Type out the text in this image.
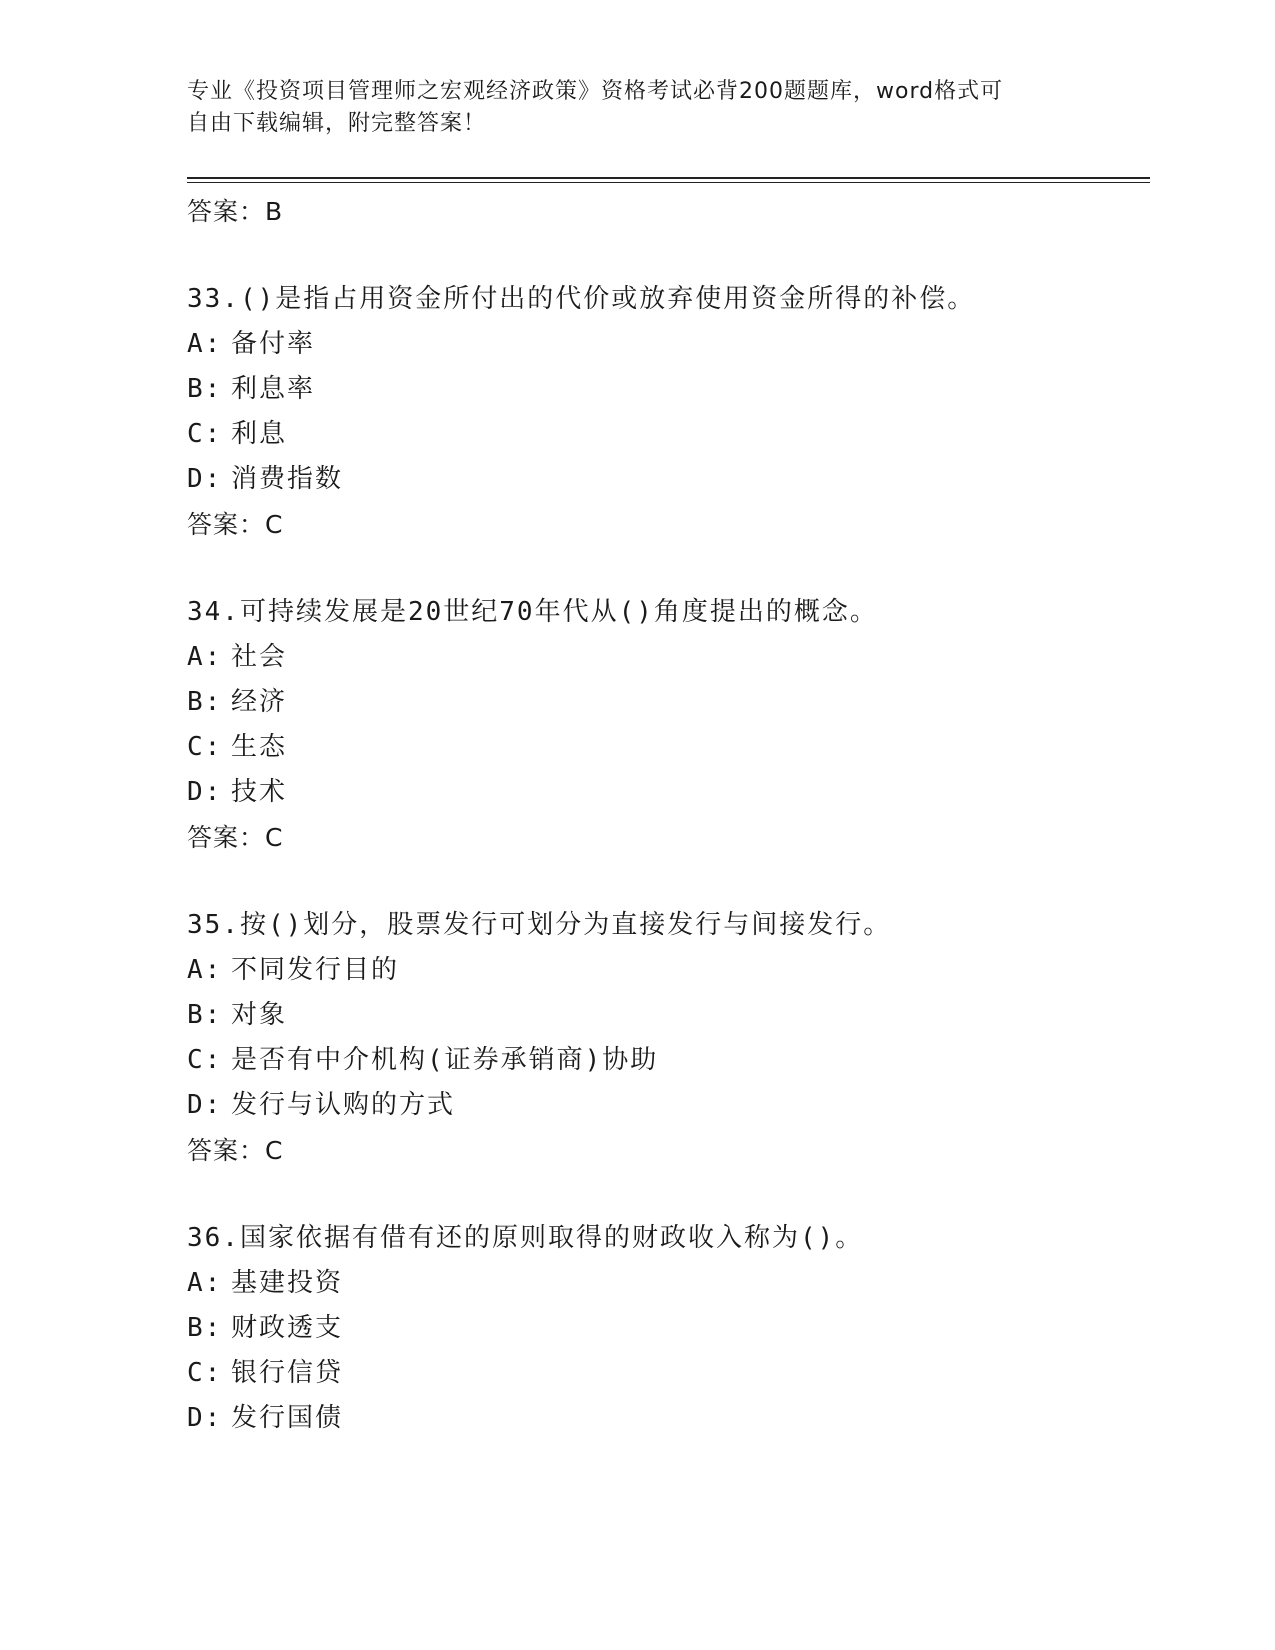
专业《投资项目管理师之宏观经济政策》资格考试必背200题题库，word格式可
自由下载编辑，附完整答案！
答案：B
33.()是指占用资金所付出的代价或放弃使用资金所得的补偿。
A: 备付率
B: 利息率
C: 利息
D: 消费指数
答案：C
34.可持续发展是20世纪70年代从()角度提出的概念。
A: 社会
B: 经济
C: 生态
D: 技术
答案：C
35.按()划分，股票发行可划分为直接发行与间接发行。
A: 不同发行目的
B: 对象
C: 是否有中介机构(证券承销商)协助
D: 发行与认购的方式
答案：C
36.国家依据有借有还的原则取得的财政收入称为()。
A: 基建投资
B: 财政透支
C: 银行信贷
D: 发行国债
